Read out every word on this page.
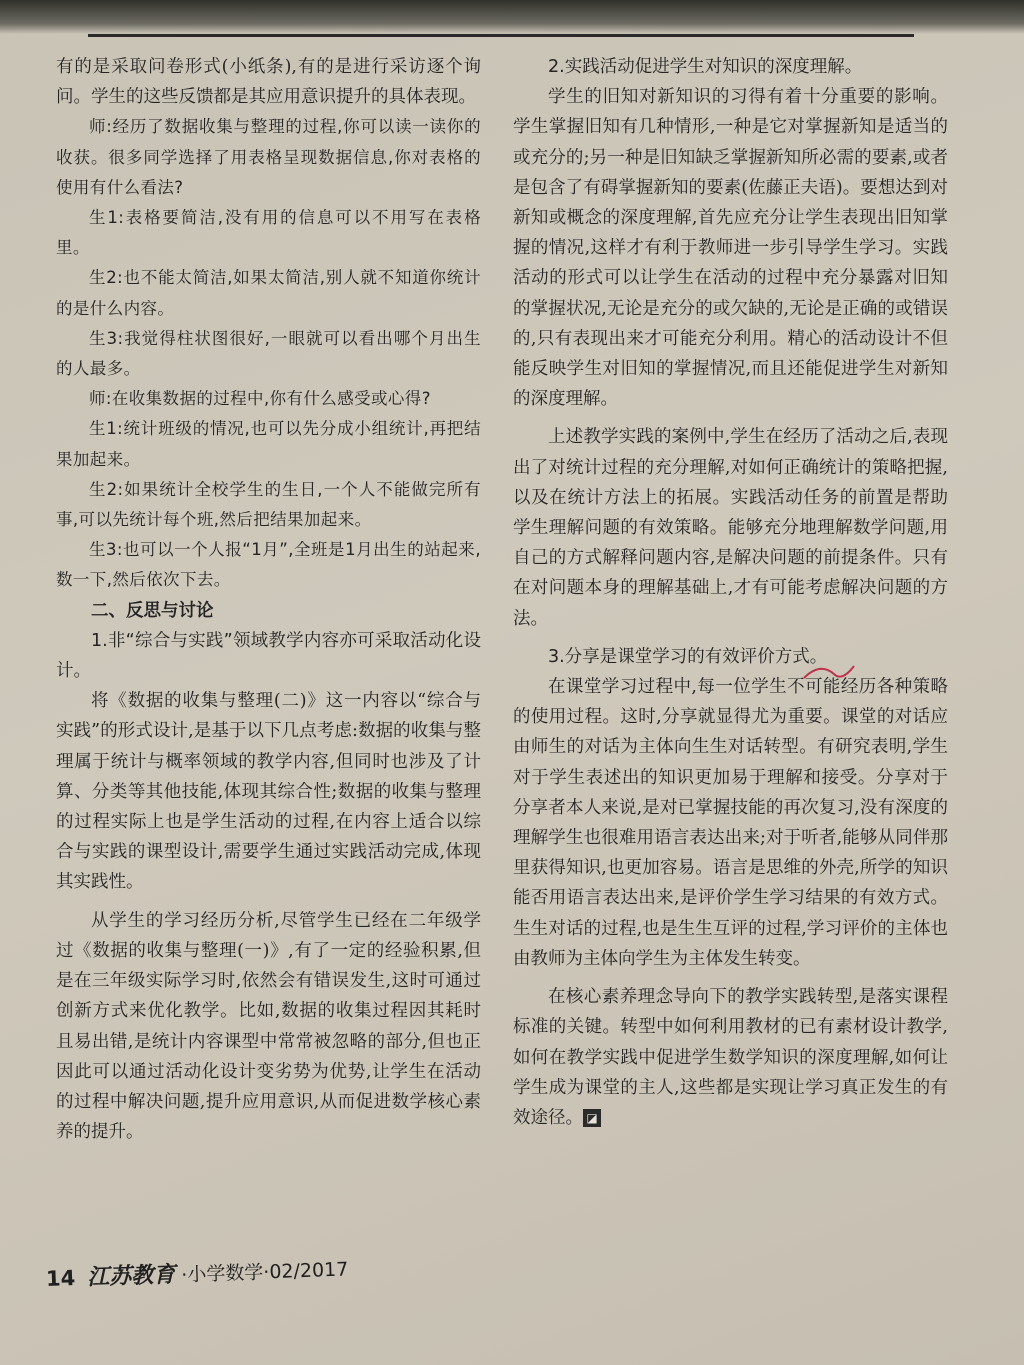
有的是采取问卷形式(小纸条),有的是进行采访逐个询问。学生的这些反馈都是其应用意识提升的具体表现。

师:经历了数据收集与整理的过程,你可以读一读你的收获。很多同学选择了用表格呈现数据信息,你对表格的使用有什么看法?

生1:表格要简洁,没有用的信息可以不用写在表格里。

生2:也不能太简洁,如果太简洁,别人就不知道你统计的是什么内容。

生3:我觉得柱状图很好,一眼就可以看出哪个月出生的人最多。

师:在收集数据的过程中,你有什么感受或心得?

生1:统计班级的情况,也可以先分成小组统计,再把结果加起来。

生2:如果统计全校学生的生日,一个人不能做完所有事,可以先统计每个班,然后把结果加起来。

生3:也可以一个人报“1月”,全班是1月出生的站起来,数一下,然后依次下去。

二、反思与讨论

1.非“综合与实践”领域教学内容亦可采取活动化设计。

将《数据的收集与整理(二)》这一内容以“综合与实践”的形式设计,是基于以下几点考虑:数据的收集与整理属于统计与概率领域的教学内容,但同时也涉及了计算、分类等其他技能,体现其综合性;数据的收集与整理的过程实际上也是学生活动的过程,在内容上适合以综合与实践的课型设计,需要学生通过实践活动完成,体现其实践性。

从学生的学习经历分析,尽管学生已经在二年级学过《数据的收集与整理(一)》,有了一定的经验积累,但是在三年级实际学习时,依然会有错误发生,这时可通过创新方式来优化教学。比如,数据的收集过程因其耗时且易出错,是统计内容课型中常常被忽略的部分,但也正因此可以通过活动化设计变劣势为优势,让学生在活动的过程中解决问题,提升应用意识,从而促进数学核心素养的提升。

2.实践活动促进学生对知识的深度理解。

学生的旧知对新知识的习得有着十分重要的影响。学生掌握旧知有几种情形,一种是它对掌握新知是适当的或充分的;另一种是旧知缺乏掌握新知所必需的要素,或者是包含了有碍掌握新知的要素(佐藤正夫语)。要想达到对新知或概念的深度理解,首先应充分让学生表现出旧知掌握的情况,这样才有利于教师进一步引导学生学习。实践活动的形式可以让学生在活动的过程中充分暴露对旧知的掌握状况,无论是充分的或欠缺的,无论是正确的或错误的,只有表现出来才可能充分利用。精心的活动设计不但能反映学生对旧知的掌握情况,而且还能促进学生对新知的深度理解。

上述教学实践的案例中,学生在经历了活动之后,表现出了对统计过程的充分理解,对如何正确统计的策略把握,以及在统计方法上的拓展。实践活动任务的前置是帮助学生理解问题的有效策略。能够充分地理解数学问题,用自己的方式解释问题内容,是解决问题的前提条件。只有在对问题本身的理解基础上,才有可能考虑解决问题的方法。

3.分享是课堂学习的有效评价方式。

在课堂学习过程中,每一位学生不可能经历各种策略的使用过程。这时,分享就显得尤为重要。课堂的对话应由师生的对话为主体向生生对话转型。有研究表明,学生对于学生表述出的知识更加易于理解和接受。分享对于分享者本人来说,是对已掌握技能的再次复习,没有深度的理解学生也很难用语言表达出来;对于听者,能够从同伴那里获得知识,也更加容易。语言是思维的外壳,所学的知识能否用语言表达出来,是评价学生学习结果的有效方式。生生对话的过程,也是生生互评的过程,学习评价的主体也由教师为主体向学生为主体发生转变。

在核心素养理念导向下的教学实践转型,是落实课程标准的关键。转型中如何利用教材的已有素材设计教学,如何在教学实践中促进学生数学知识的深度理解,如何让学生成为课堂的主人,这些都是实现让学习真正发生的有效途径。 ◪

14 江苏教育 ·小学数学·02/2017
